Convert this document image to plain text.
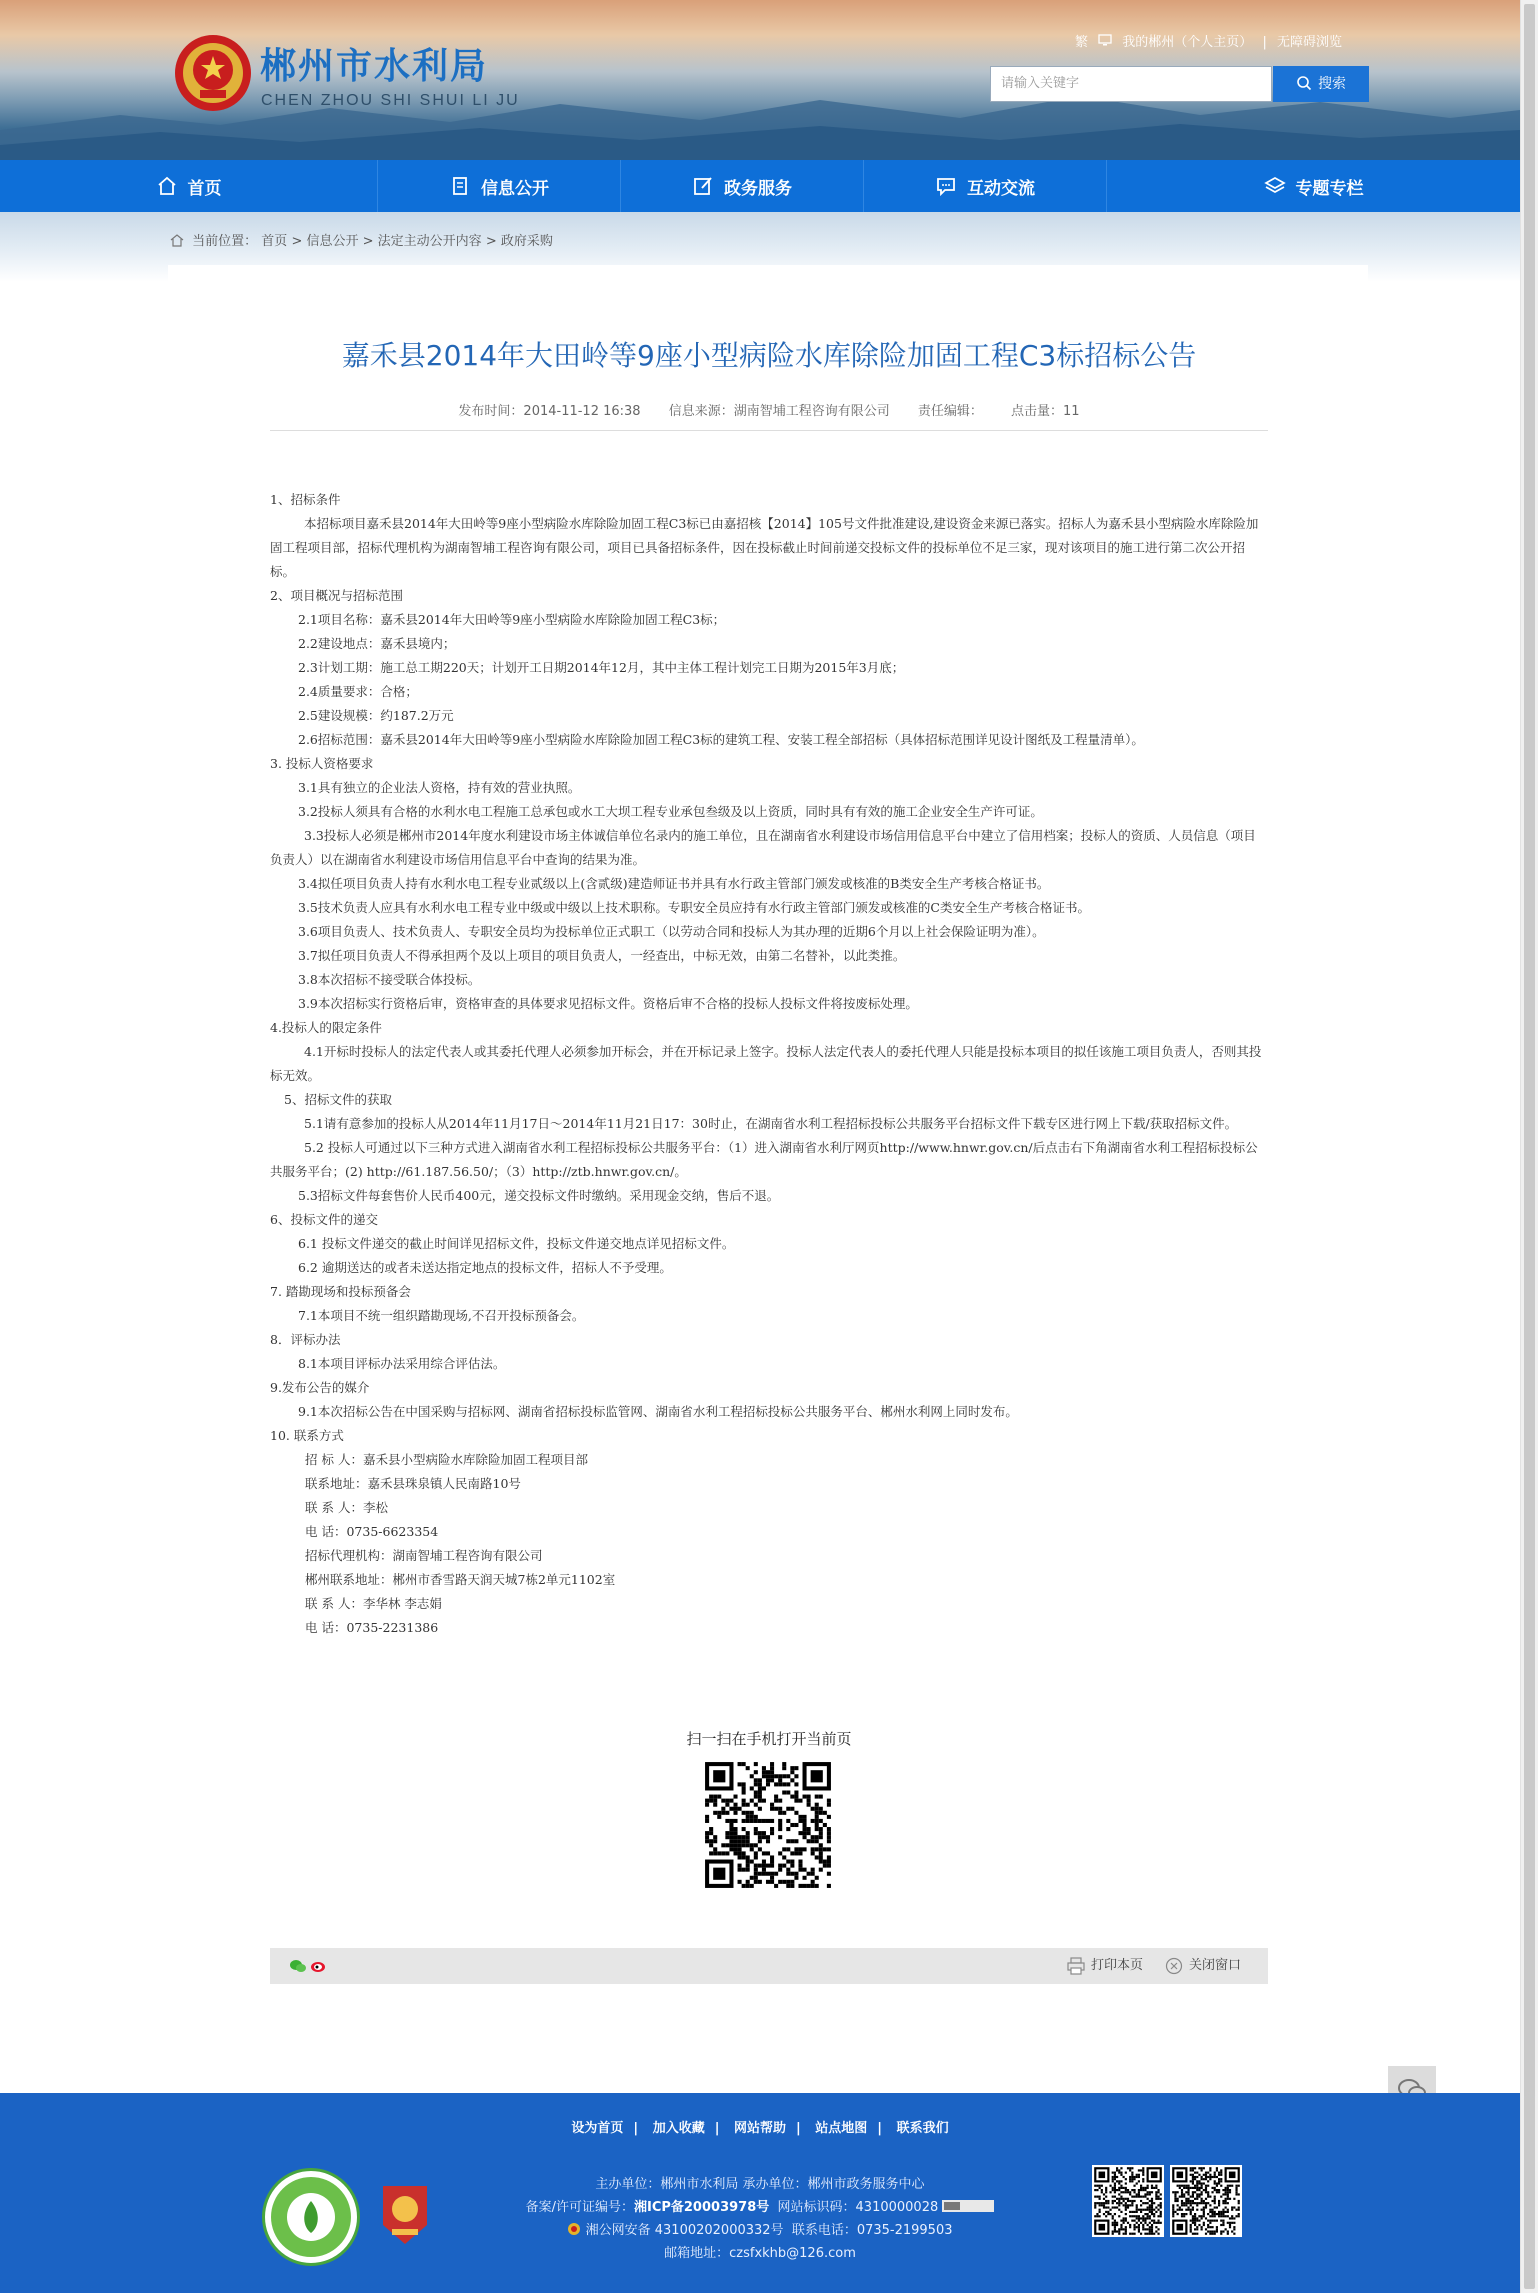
郴州市水利局
CHEN ZHOU SHI SHUI LI JU
繁	我的郴州（个人主页） | 无障碍浏览
请输入关键字	搜索
首页	信息公开	政务服务	互动交流	专题专栏
当前位置： 首页 > 信息公开 > 法定主动公开内容 > 政府采购
嘉禾县2014年大田岭等9座小型病险水库除险加固工程C3标招标公告
发布时间：2014-11-12 16:38 信息来源：湖南智埔工程咨询有限公司 责任编辑： 点击量：11

1、招标条件

本招标项目嘉禾县2014年大田岭等9座小型病险水库除险加固工程C3标已由嘉招核【2014】105号文件批准建设,建设资金来源已落实。招标人为嘉禾县小型病险水库除险加固工程项目部，招标代理机构为湖南智埔工程咨询有限公司，项目已具备招标条件，因在投标截止时间前递交投标文件的投标单位不足三家，现对该项目的施工进行第二次公开招标。

2、项目概况与招标范围

2.1项目名称：嘉禾县2014年大田岭等9座小型病险水库除险加固工程C3标；

2.2建设地点：嘉禾县境内；

2.3计划工期：施工总工期220天；计划开工日期2014年12月，其中主体工程计划完工日期为2015年3月底；

2.4质量要求：合格；

2.5建设规模：约187.2万元

2.6招标范围：嘉禾县2014年大田岭等9座小型病险水库除险加固工程C3标的建筑工程、安装工程全部招标（具体招标范围详见设计图纸及工程量清单）。

3. 投标人资格要求

3.1具有独立的企业法人资格，持有效的营业执照。

3.2投标人须具有合格的水利水电工程施工总承包或水工大坝工程专业承包叁级及以上资质，同时具有有效的施工企业安全生产许可证。

3.3投标人必须是郴州市2014年度水利建设市场主体诚信单位名录内的施工单位，且在湖南省水利建设市场信用信息平台中建立了信用档案；投标人的资质、人员信息（项目负责人）以在湖南省水利建设市场信用信息平台中查询的结果为准。

3.4拟任项目负责人持有水利水电工程专业贰级以上(含贰级)建造师证书并具有水行政主管部门颁发或核准的B类安全生产考核合格证书。

3.5技术负责人应具有水利水电工程专业中级或中级以上技术职称。专职安全员应持有水行政主管部门颁发或核准的C类安全生产考核合格证书。

3.6项目负责人、技术负责人、专职安全员均为投标单位正式职工（以劳动合同和投标人为其办理的近期6个月以上社会保险证明为准）。

3.7拟任项目负责人不得承担两个及以上项目的项目负责人，一经查出，中标无效，由第二名替补，以此类推。

3.8本次招标不接受联合体投标。

3.9本次招标实行资格后审，资格审查的具体要求见招标文件。资格后审不合格的投标人投标文件将按废标处理。

4.投标人的限定条件

4.1开标时投标人的法定代表人或其委托代理人必须参加开标会，并在开标记录上签字。投标人法定代表人的委托代理人只能是投标本项目的拟任该施工项目负责人，否则其投标无效。

5、招标文件的获取

5.1请有意参加的投标人从2014年11月17日～2014年11月21日17：30时止，在湖南省水利工程招标投标公共服务平台招标文件下载专区进行网上下载/获取招标文件。

5.2 投标人可通过以下三种方式进入湖南省水利工程招标投标公共服务平台：（1）进入湖南省水利厅网页http://www.hnwr.gov.cn/后点击右下角湖南省水利工程招标投标公共服务平台；(2) http://61.187.56.50/；（3）http://ztb.hnwr.gov.cn/。

5.3招标文件每套售价人民币400元，递交投标文件时缴纳。采用现金交纳，售后不退。

6、投标文件的递交

6.1 投标文件递交的截止时间详见招标文件，投标文件递交地点详见招标文件。

6.2 逾期送达的或者未送达指定地点的投标文件，招标人不予受理。

7. 踏勘现场和投标预备会

7.1本项目不统一组织踏勘现场,不召开投标预备会。

8．评标办法

8.1本项目评标办法采用综合评估法。

9.发布公告的媒介

9.1本次招标公告在中国采购与招标网、湖南省招标投标监管网、湖南省水利工程招标投标公共服务平台、郴州水利网上同时发布。

10. 联系方式

招 标 人：嘉禾县小型病险水库除险加固工程项目部

联系地址：嘉禾县珠泉镇人民南路10号

联 系 人：李松

电 话：0735-6623354

招标代理机构：湖南智埔工程咨询有限公司

郴州联系地址：郴州市香雪路天润天城7栋2单元1102室

联 系 人：李华林 李志娟

电 话：0735-2231386

扫一扫在手机打开当前页
打印本页	关闭窗口
设为首页 | 加入收藏 | 网站帮助 | 站点地图 | 联系我们
主办单位：郴州市水利局 承办单位：郴州市政务服务中心
备案/许可证编号：湘ICP备20003978号 网站标识码：4310000028
湘公网安备 43100202000332号 联系电话：0735-2199503
邮箱地址：czsfxkhb@126.com
